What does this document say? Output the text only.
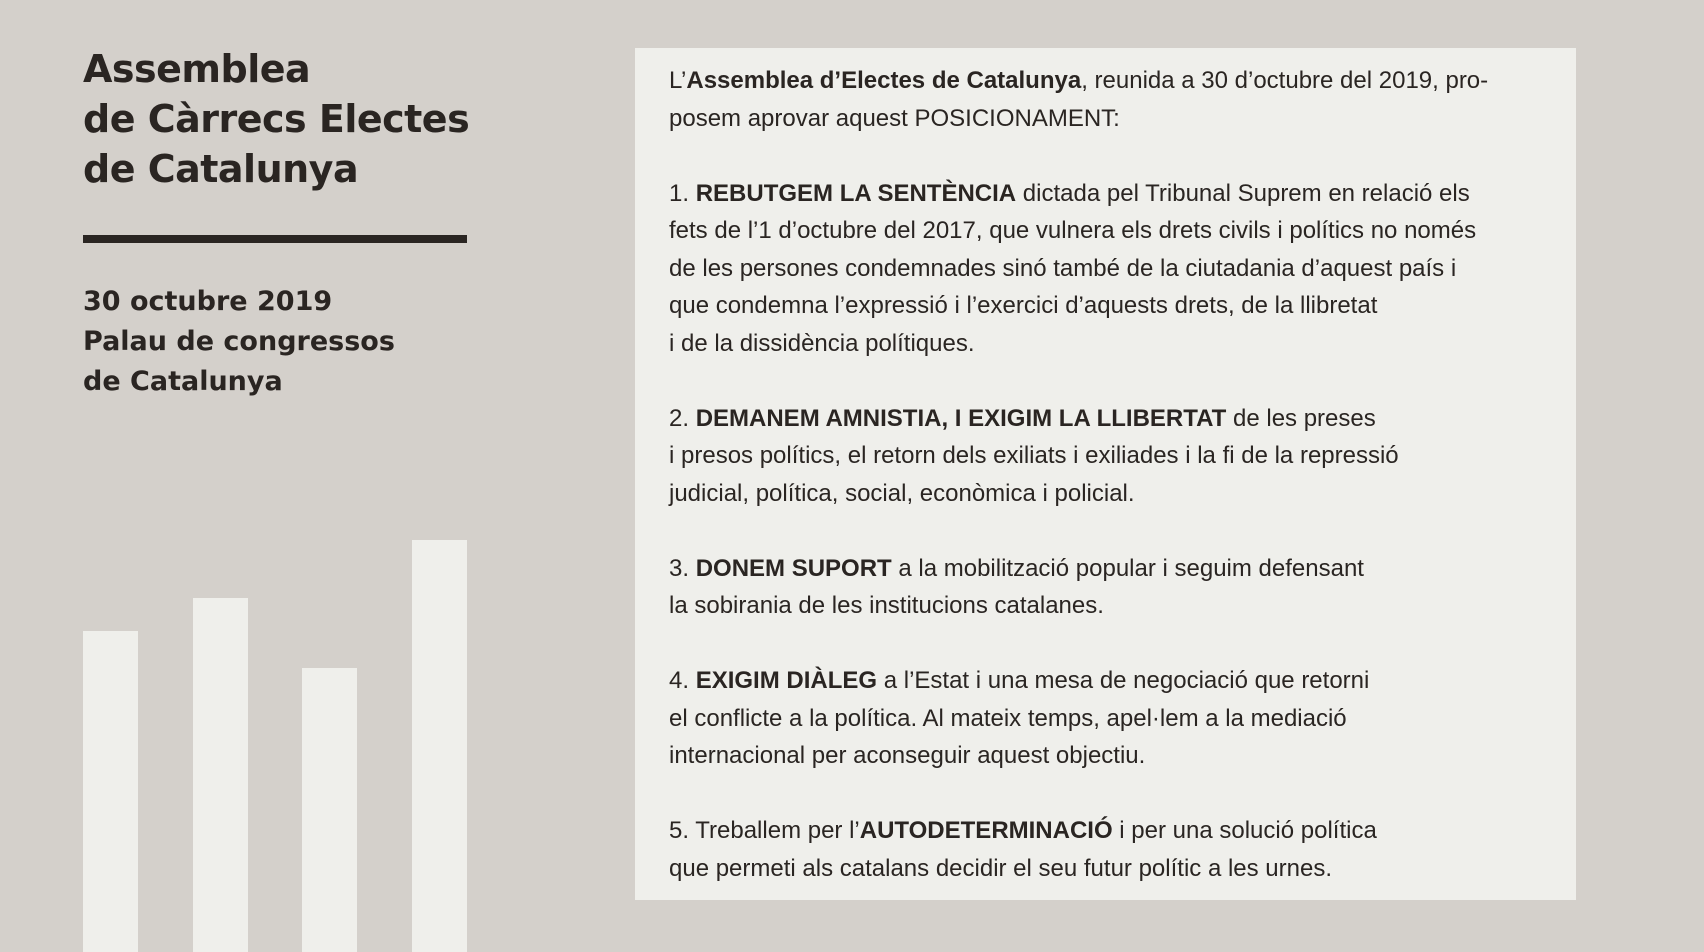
Assemblea
de Càrrecs Electes
de Catalunya
30 octubre 2019
Palau de congressos
de Catalunya

L’Assemblea d’Electes de Catalunya, reunida a 30 d’octubre del 2019, pro-
posem aprovar aquest POSICIONAMENT:

1. REBUTGEM LA SENTÈNCIA dictada pel Tribunal Suprem en relació els
fets de l’1 d’octubre del 2017, que vulnera els drets civils i polítics no només
de les persones condemnades sinó també de la ciutadania d’aquest país i
que condemna l’expressió i l’exercici d’aquests drets, de la llibretat
i de la dissidència polítiques.

2. DEMANEM AMNISTIA, I EXIGIM LA LLIBERTAT de les preses
i presos polítics, el retorn dels exiliats i exiliades i la fi de la repressió
judicial, política, social, econòmica i policial.

3. DONEM SUPORT a la mobilització popular i seguim defensant
la sobirania de les institucions catalanes.

4. EXIGIM DIÀLEG a l’Estat i una mesa de negociació que retorni
el conflicte a la política. Al mateix temps, apel·lem a la mediació
internacional per aconseguir aquest objectiu.

5. Treballem per l’AUTODETERMINACIÓ i per una solució política
que permeti als catalans decidir el seu futur polític a les urnes.
